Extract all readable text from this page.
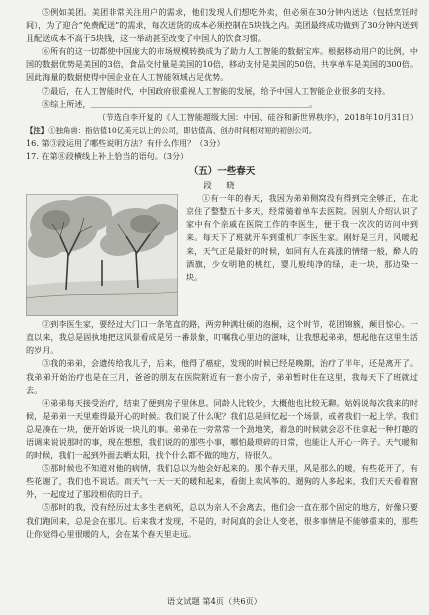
⑤例如美团。美团非常关注用户的需求，他们发现人们想吃外卖，但必须在30分钟内送达（包括烹饪时间），为了迎合“免费配送”的需求，每次送货的成本必须控制在5块钱之内。美团最终成功做到了30分钟内送到且配送成本不高于5块钱，这一举动甚至改变了中国人的饮食习惯。

⑥所有的这一切都使中国庞大的市场规模转换成为了助力人工智能的数据宝库。根据移动用户的比例，中国的数据优势是美国的3倍，食品交付量是美国的10倍，移动支付是美国的50倍，共享单车是美国的300倍。因此海量的数据使得中国企业在人工智能领域占足优势。

⑦最后，在人工智能时代，中国政府很重视人工智能的发展，给予中国人工智能企业很多的支持。

⑧综上所述，＿＿＿＿＿＿＿＿＿＿＿＿＿＿＿＿＿＿＿＿＿＿＿＿＿＿＿。

（节选自李开复的《人工智能超级大国：中国、硅谷和新世界秩序》，2018年10月31日）

【注】①独角兽：指估值10亿美元以上的公司，即估值高、创办时间相对短的初创公司。

16. 第③段运用了哪些说明方法？有什么作用？（3分）

17. 在第⑧段横线上补上恰当的语句。（3分）

（五）一些春天

段 晓

①有一年的春天，我因为弟弟侧窝没有得到完全够正，在北京住了整整五十多天，经常骑着单车去医院。因别人介绍认识了家中有个亲戚在医院工作的李医生，便于我一次次的访问中到来。每天下了班就开车到重机厂李医生家。刚好是三月，风暖起来，天气正是最好的时候，如同有人在高涨的情绪一般，酔人的酒旗，少女明艳的桃红，婴儿般纯净的绿，走一块，那边染一块。

②到李医生家，要经过大门口一条笔直的路，两旁种满壮硕的泡桐，这个时节，花团锦簇，颠目惊心。一直以来，我总是固执地把这风景看成是另一番景象，叮嘱我心里边的滋味，让我想起弟弟，想起他在这里生活的岁月。

③我的弟弟，会遗传给我儿子，后来，他得了癌症，发现的时候已经是晚期，治疗了半年，还是离开了。我弟弟开始治疗也是在三月，爸爸的朋友在医院附近有一套小房子，弟弟暂时住在这里，我每天下了班就过去。

④弟弟每天接受治疗，结束了便到房子里休息。同龄人比较少，大概他也比较无聊。姑妈说每次我来的时候，是弟弟一天里难得最开心的时候。我们说了什么呢？我们总是回忆起一个场景，或者我们一起上学。我们总是凑在一块，便开始诉说一块儿的事。弟弟在一旁常常一个劲地笑，着急的时候就会忍不住拿起一种打趣的语调来说说那时的事，现在想想，我们说的的那些小事，哪怕最琐碎的日常，也能让人开心一阵子。天气暖和的时候，我们一起到外面去晒太阳，找个什么都不做的地方，待很久。

⑤那时候也不知道对他的病情，我们总以为他会好起来的。那个春天里，风是那么的暖，有些花开了，有些花谢了，我们也不说话。而天气一天一天的暖和起来，看街上卖风筝的、遛狗的人多起来，我们天天看着窗外，一起度过了那段相依的日子。

⑤那时的我，没有经历过太多生老病死，总以为亲人不会离去，他们会一直在那个固定的地方，好像只要我们跑回来，总是会在那儿。后来我才发现，不是的，时间真的会让人变老，很多事情是不能够重来的，那些让你觉得心里很暖的人，会在某个春天里走远。

语文试题 第4页（共6页）
